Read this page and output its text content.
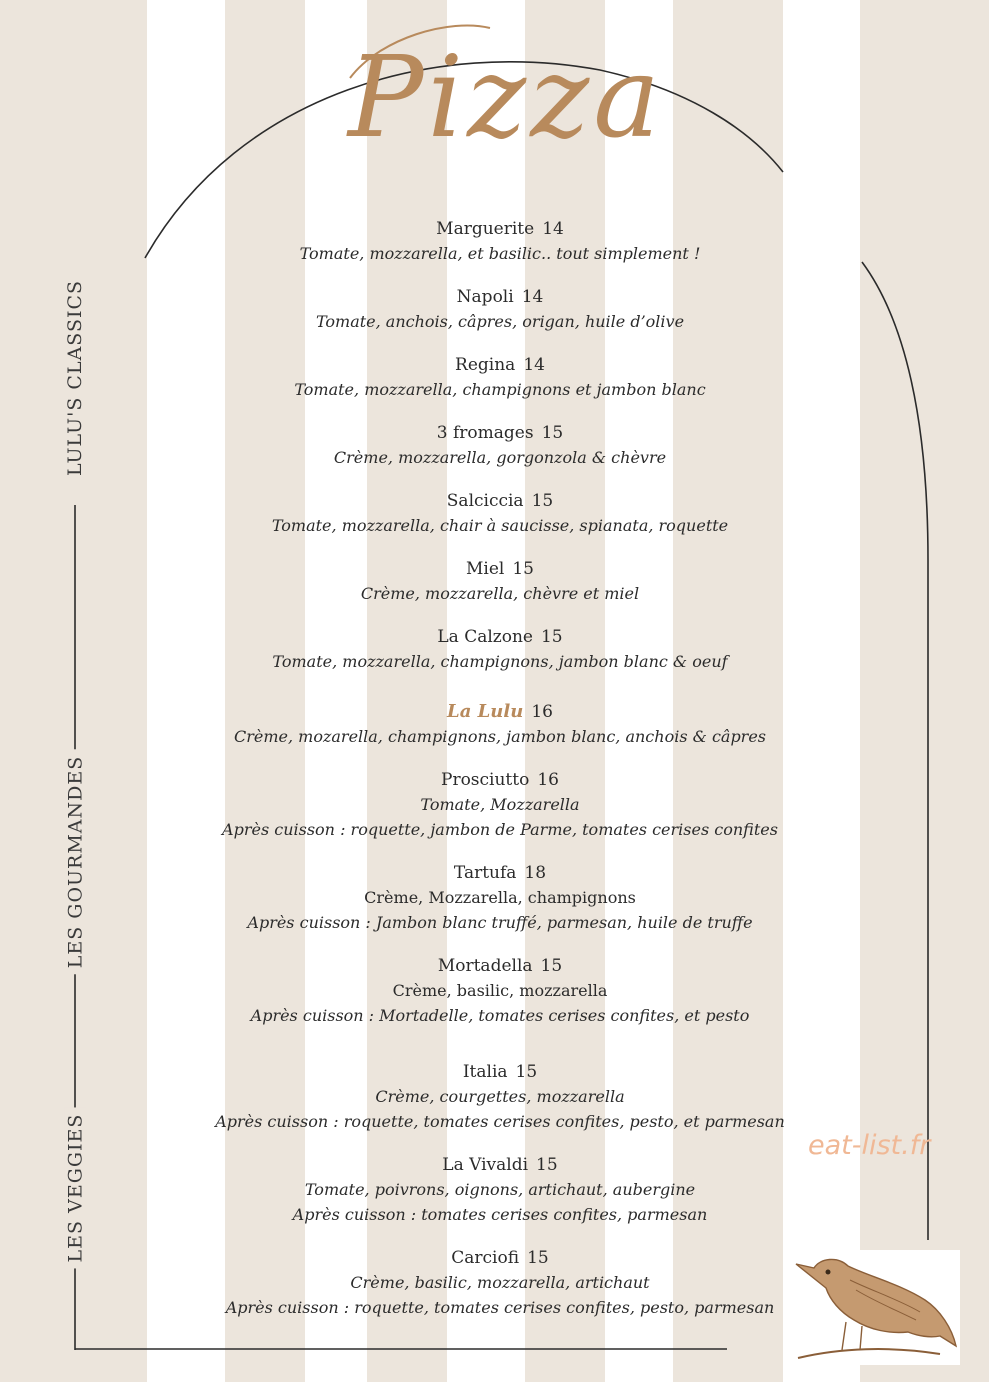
Pizza
LULU'S CLASSICS
LES GOURMANDES
LES VEGGIES
Marguerite 14
Tomate, mozzarella, et basilic.. tout simplement !
Napoli 14
Tomate, anchois, câpres, origan, huile d’olive
Regina 14
Tomate, mozzarella, champignons et jambon blanc
3 fromages 15
Crème, mozzarella, gorgonzola & chèvre
Salciccia 15
Tomate, mozzarella, chair à saucisse, spianata, roquette
Miel 15
Crème, mozzarella, chèvre et miel
La Calzone 15
Tomate, mozzarella, champignons, jambon blanc & oeuf
La Lulu 16
Crème, mozarella, champignons, jambon blanc, anchois & câpres
Prosciutto 16
Tomate, Mozzarella
Après cuisson : roquette, jambon de Parme, tomates cerises confites
Tartufa 18
Crème, Mozzarella, champignons
Après cuisson : Jambon blanc truffé, parmesan, huile de truffe
Mortadella 15
Crème, basilic, mozzarella
Après cuisson : Mortadelle, tomates cerises confites, et pesto
Italia 15
Crème, courgettes, mozzarella
Après cuisson : roquette, tomates cerises confites, pesto, et parmesan
La Vivaldi 15
Tomate, poivrons, oignons, artichaut, aubergine
Après cuisson : tomates cerises confites, parmesan
Carciofi 15
Crème, basilic, mozzarella, artichaut
Après cuisson : roquette, tomates cerises confites, pesto, parmesan
eat-list.fr
